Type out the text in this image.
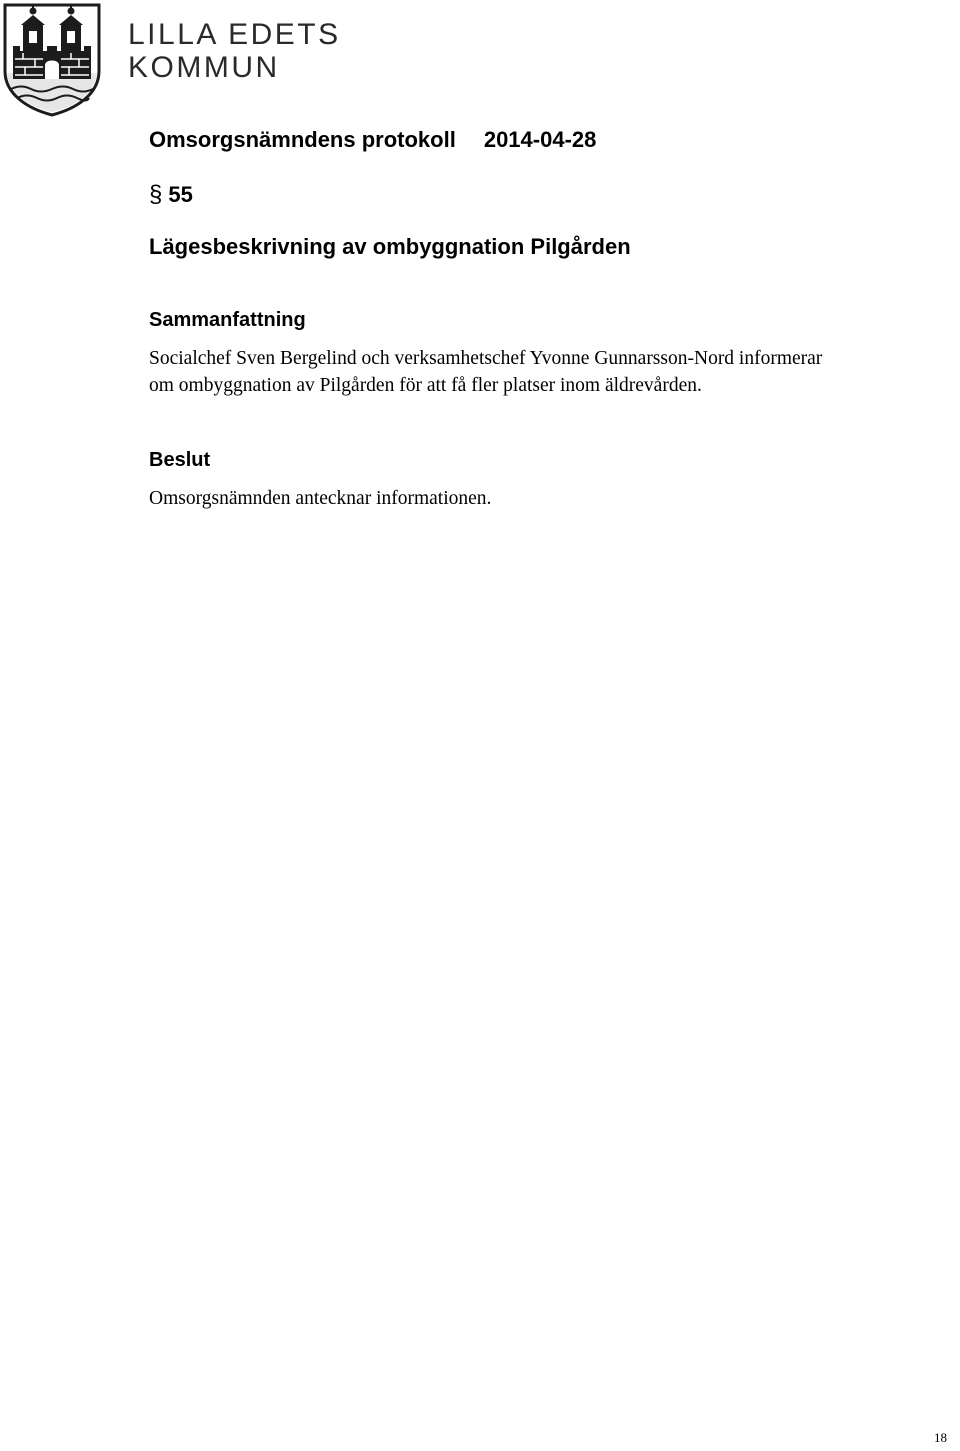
LILLA EDETS
KOMMUN
Omsorgsnämndens protokoll 2014-04-28
§ 55
Lägesbeskrivning av ombyggnation Pilgården
Sammanfattning
Socialchef Sven Bergelind och verksamhetschef Yvonne Gunnarsson-Nord informerar
om ombyggnation av Pilgården för att få fler platser inom äldrevården.
Beslut
Omsorgsnämnden antecknar informationen.
18
